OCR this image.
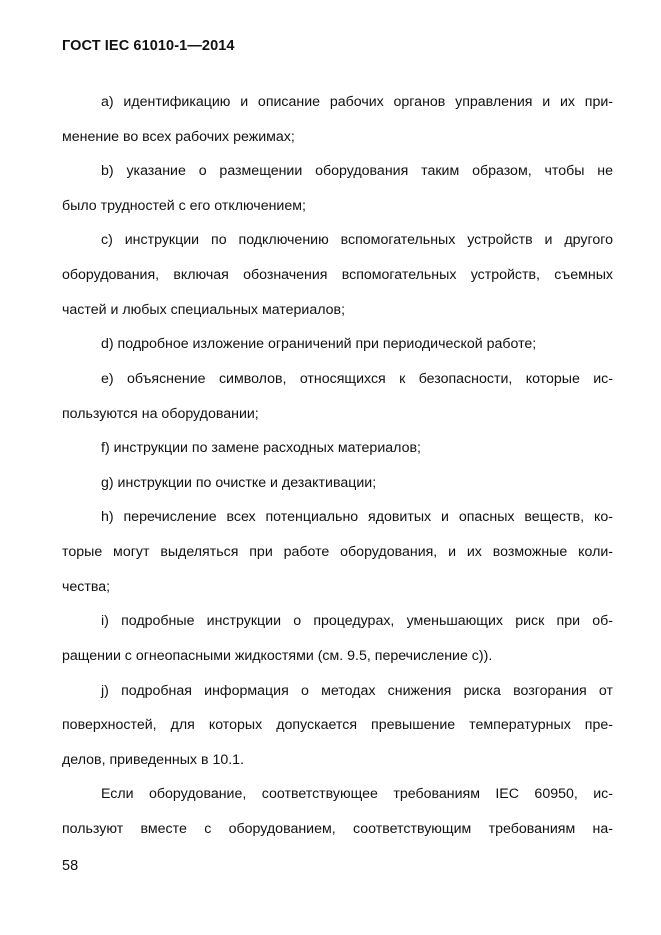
ГОСТ IEC 61010-1—2014
а) идентификацию и описание рабочих органов управления и их при-
менение во всех рабочих режимах;
b) указание о размещении оборудования таким образом, чтобы не
было трудностей с его отключением;
c) инструкции по подключению вспомогательных устройств и другого
оборудования, включая обозначения вспомогательных устройств, съемных
частей и любых специальных материалов;
d) подробное изложение ограничений при периодической работе;
e) объяснение символов, относящихся к безопасности, которые ис-
пользуются на оборудовании;
f) инструкции по замене расходных материалов;
g) инструкции по очистке и дезактивации;
h) перечисление всех потенциально ядовитых и опасных веществ, ко-
торые могут выделяться при работе оборудования, и их возможные коли-
чества;
i) подробные инструкции о процедурах, уменьшающих риск при об-
ращении с огнеопасными жидкостями (см. 9.5, перечисление с)).
j) подробная информация о методах снижения риска возгорания от
поверхностей, для которых допускается превышение температурных пре-
делов, приведенных в 10.1.
Если оборудование, соответствующее требованиям IEC 60950, ис-
пользуют вместе с оборудованием, соответствующим требованиям на-
58
